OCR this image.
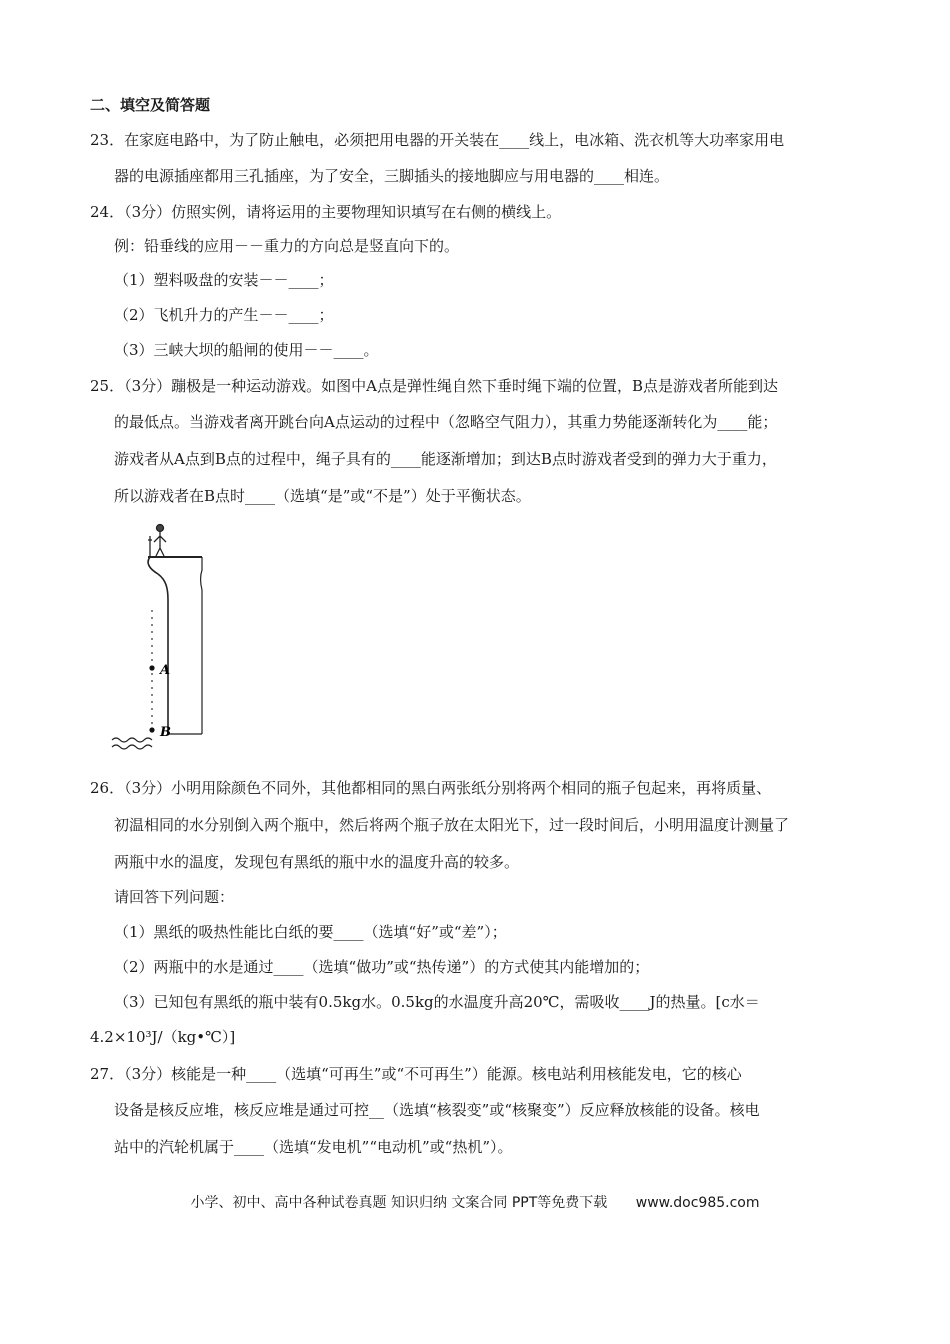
二、填空及简答题
23．在家庭电路中，为了防止触电，必须把用电器的开关装在____线上，电冰箱、洗衣机等大功率家用电
器的电源插座都用三孔插座，为了安全，三脚插头的接地脚应与用电器的____相连。
24．（3分）仿照实例，请将运用的主要物理知识填写在右侧的横线上。
例：铅垂线的应用－－重力的方向总是竖直向下的。
（1）塑料吸盘的安装－－____；
（2）飞机升力的产生－－____；
（3）三峡大坝的船闸的使用－－____。
25．（3分）蹦极是一种运动游戏。如图中A点是弹性绳自然下垂时绳下端的位置，B点是游戏者所能到达
的最低点。当游戏者离开跳台向A点运动的过程中（忽略空气阻力），其重力势能逐渐转化为____能；
游戏者从A点到B点的过程中，绳子具有的____能逐渐增加；到达B点时游戏者受到的弹力大于重力，
所以游戏者在B点时____（选填“是”或“不是”）处于平衡状态。
A
B
26．（3分）小明用除颜色不同外，其他都相同的黑白两张纸分别将两个相同的瓶子包起来，再将质量、
初温相同的水分别倒入两个瓶中，然后将两个瓶子放在太阳光下，过一段时间后，小明用温度计测量了
两瓶中水的温度，发现包有黑纸的瓶中水的温度升高的较多。
请回答下列问题：
（1）黑纸的吸热性能比白纸的要____（选填“好”或“差”）；
（2）两瓶中的水是通过____（选填“做功”或“热传递”）的方式使其内能增加的；
（3）已知包有黑纸的瓶中装有0.5kg水。0.5kg的水温度升高20℃，需吸收____J的热量。[c水＝
4.2×10³J/（kg•℃）]
27．（3分）核能是一种____（选填“可再生”或“不可再生”）能源。核电站利用核能发电，它的核心
设备是核反应堆，核反应堆是通过可控__（选填“核裂变”或“核聚变”）反应释放核能的设备。核电
站中的汽轮机属于____（选填“发电机”“电动机”或“热机”）。
小学、初中、高中各种试卷真题 知识归纳 文案合同 PPT等免费下载 www.doc985.com
